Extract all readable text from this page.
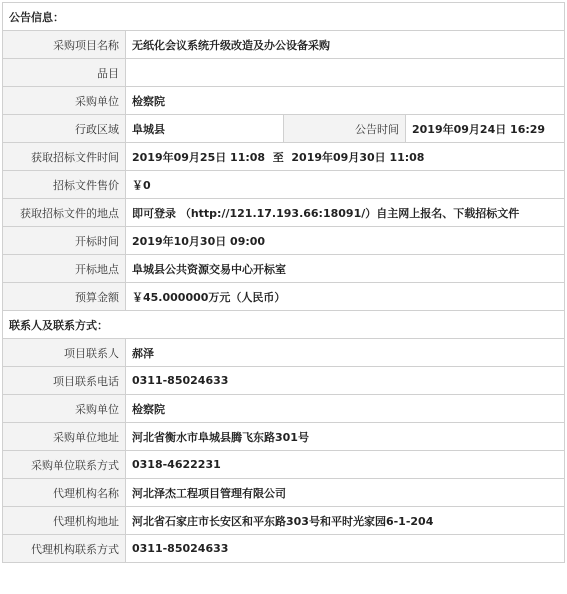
公告信息：			
采购项目名称	无纸化会议系统升级改造及办公设备采购		
品目			
采购单位	检察院		
行政区域	阜城县	公告时间	2019年09月24日 16:29
获取招标文件时间	2019年09月25日 11:08  至  2019年09月30日 11:08		
招标文件售价	￥0		
获取招标文件的地点	即可登录 （http://121.17.193.66:18091/）自主网上报名、下载招标文件		
开标时间	2019年10月30日 09:00		
开标地点	阜城县公共资源交易中心开标室		
预算金额	￥45.000000万元（人民币）		
联系人及联系方式：			
项目联系人	郝泽		
项目联系电话	0311-85024633		
采购单位	检察院		
采购单位地址	河北省衡水市阜城县腾飞东路301号		
采购单位联系方式	0318-4622231		
代理机构名称	河北泽杰工程项目管理有限公司		
代理机构地址	河北省石家庄市长安区和平东路303号和平时光家园6-1-204		
代理机构联系方式	0311-85024633		
